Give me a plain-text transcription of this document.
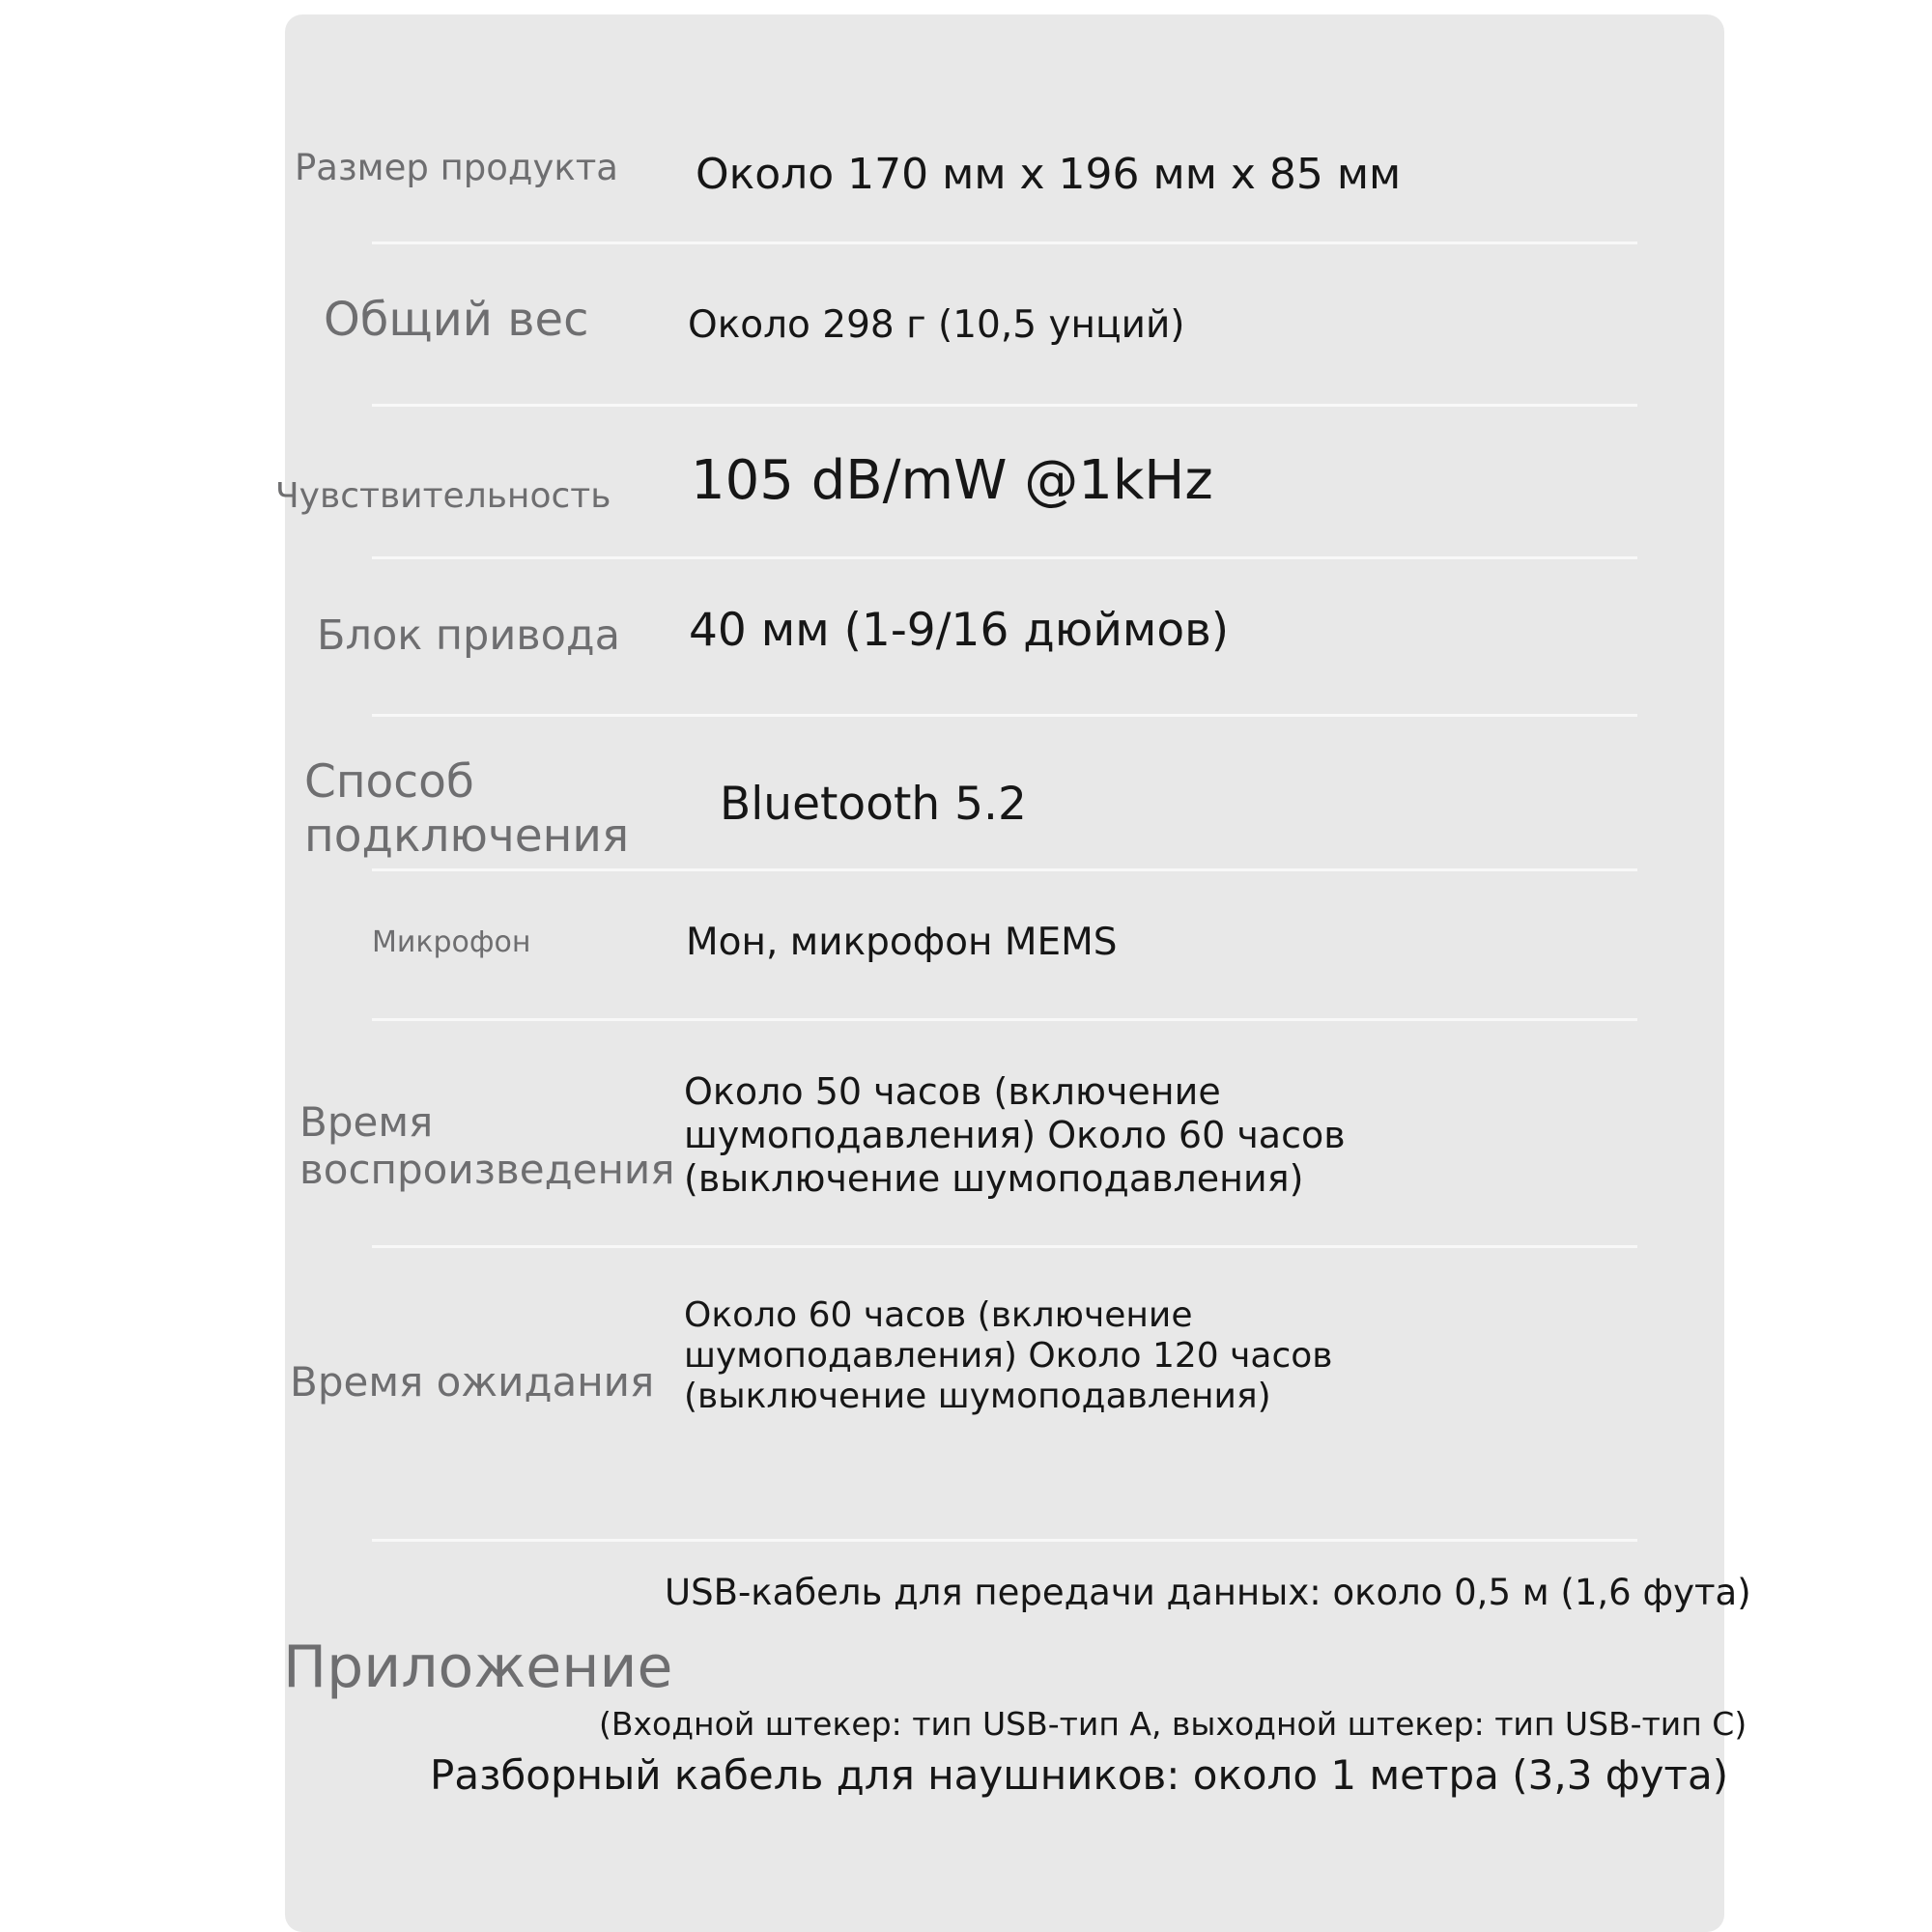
Размер продукта Около 170 мм x 196 мм x 85 мм
Общий вес	Около 298 г (10,5 унций)
Чувствительность 105 dB/mW @1kHz
Блок привода 40 мм (1-9/16 дюймов)
Способ
подключения
Bluetooth 5.2
Микрофон	Мон, микрофон MEMS
Время
воспроизведения
Около 50 часов (включение
шумоподавления) Около 60 часов
(выключение шумоподавления)
Время ожидания
Около 60 часов (включение
шумоподавления) Около 120 часов
(выключение шумоподавления)
USB-кабель для передачи данных: около 0,5 м (1,6 фута)
Приложение
(Входной штекер: тип USB-тип A, выходной штекер: тип USB-тип C)
Разборный кабель для наушников: около 1 метра (3,3 фута)
